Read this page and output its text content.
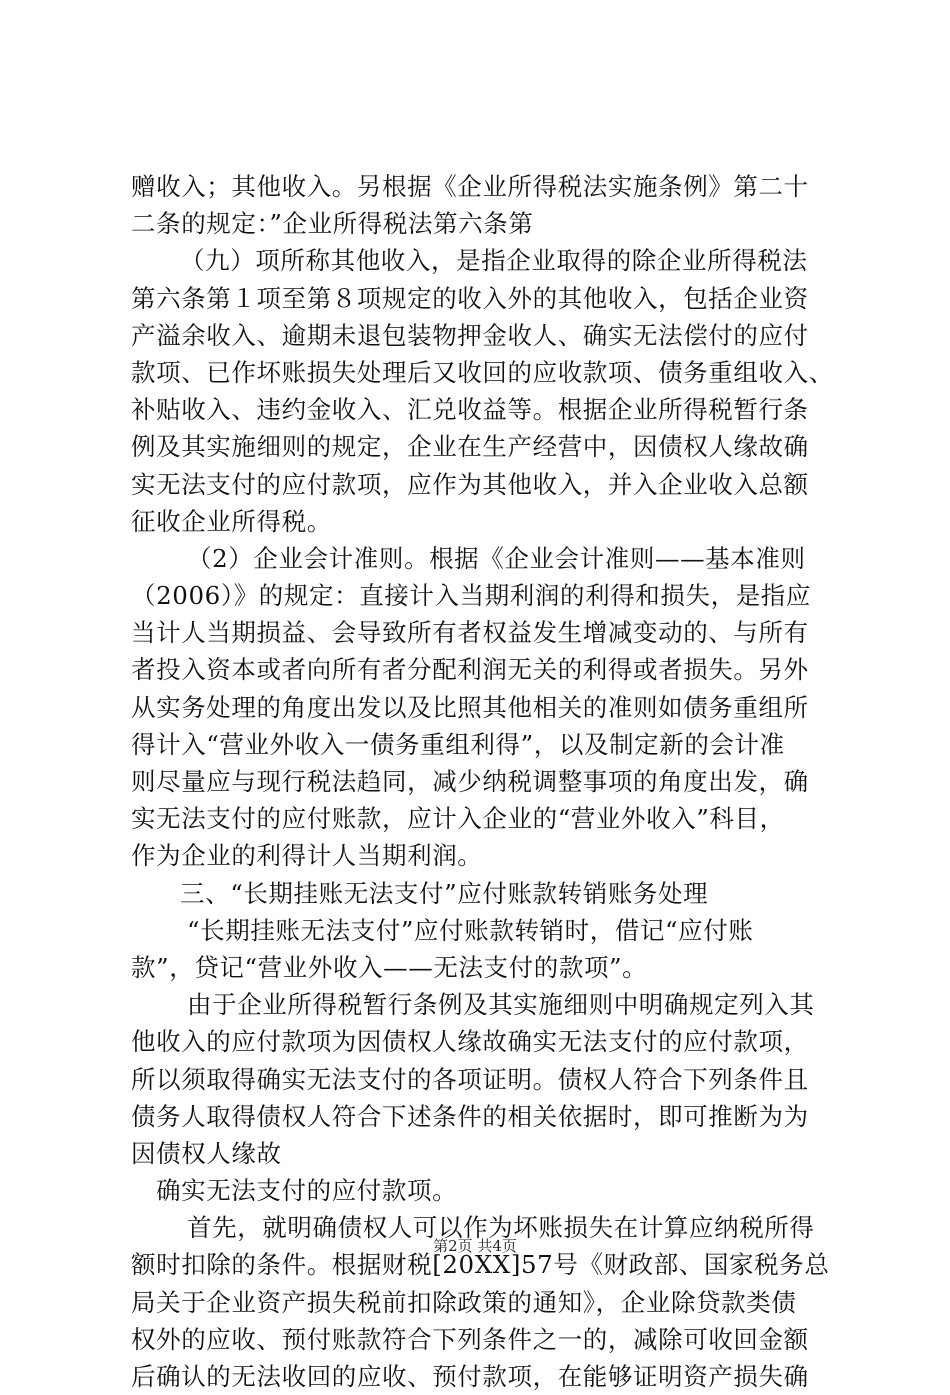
赠收入；其他收入。另根据《企业所得税法实施条例》第二十
二条的规定：”企业所得税法第六条第
（九）项所称其他收入，是指企业取得的除企业所得税法
第六条第１项至第８项规定的收入外的其他收入，包括企业资
产溢余收入、逾期未退包装物押金收人、确实无法偿付的应付
款项、已作坏账损失处理后又收回的应收款项、债务重组收入、
补贴收入、违约金收入、汇兑收益等。根据企业所得税暂行条
例及其实施细则的规定，企业在生产经营中，因债权人缘故确
实无法支付的应付款项，应作为其他收入，并入企业收入总额
征收企业所得税。
（2）企业会计准则。根据《企业会计准则——基本准则
（2006）》的规定：直接计入当期利润的利得和损失，是指应
当计人当期损益、会导致所有者权益发生增减变动的、与所有
者投入资本或者向所有者分配利润无关的利得或者损失。另外
从实务处理的角度出发以及比照其他相关的准则如债务重组所
得计入“营业外收入一债务重组利得”，以及制定新的会计准
则尽量应与现行税法趋同，减少纳税调整事项的角度出发，确
实无法支付的应付账款，应计入企业的“营业外收入”科目，
作为企业的利得计人当期利润。
三、“长期挂账无法支付”应付账款转销账务处理
“长期挂账无法支付”应付账款转销时，借记“应付账
款”，贷记“营业外收入——无法支付的款项”。
由于企业所得税暂行条例及其实施细则中明确规定列入其
他收入的应付款项为因债权人缘故确实无法支付的应付款项，
所以须取得确实无法支付的各项证明。债权人符合下列条件且
债务人取得债权人符合下述条件的相关依据时，即可推断为为
因债权人缘故
确实无法支付的应付款项。
首先，就明确债权人可以作为坏账损失在计算应纳税所得
额时扣除的条件。根据财税[20XX]57号《财政部、国家税务总
局关于企业资产损失税前扣除政策的通知》，企业除贷款类债
权外的应收、预付账款符合下列条件之一的，减除可收回金额
后确认的无法收回的应收、预付款项，在能够证明资产损失确
第2页 共4页
